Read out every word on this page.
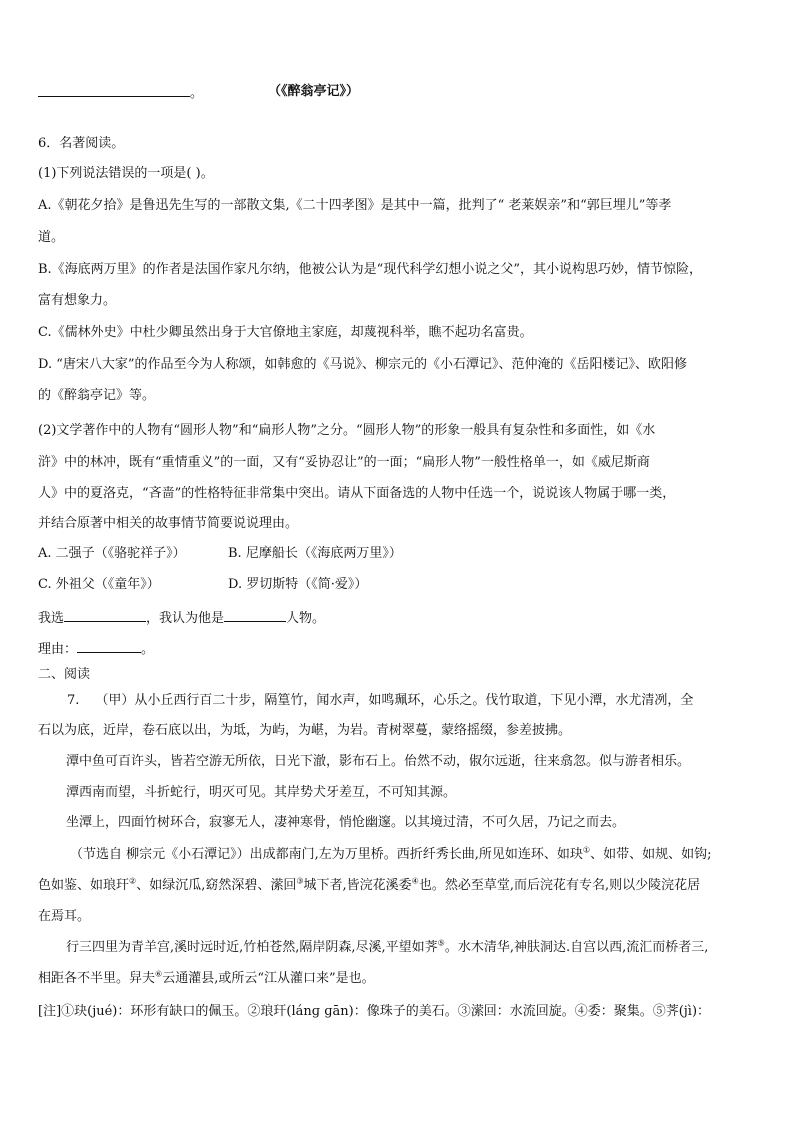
。	（《醉翁亭记》）
6．名著阅读。
(1)下列说法错误的一项是( )。
A.《朝花夕拾》是鲁迅先生写的一部散文集,《二十四孝图》是其中一篇，批判了“ 老莱娱亲”和“郭巨埋儿”等孝
道。
B.《海底两万里》的作者是法国作家凡尔纳，他被公认为是“现代科学幻想小说之父”，其小说构思巧妙，情节惊险，
富有想象力。
C.《儒林外史》中杜少卿虽然出身于大官僚地主家庭，却蔑视科举，瞧不起功名富贵。
D. “唐宋八大家”的作品至今为人称颂，如韩愈的《马说》、柳宗元的《小石潭记》、范仲淹的《岳阳楼记》、欧阳修
的《醉翁亭记》等。
(2)文学著作中的人物有“圆形人物”和“扁形人物”之分。“圆形人物”的形象一般具有复杂性和多面性，如《水
浒》中的林冲，既有“重情重义”的一面，又有“妥协忍让”的一面；“扁形人物”一般性格单一，如《威尼斯商
人》中的夏洛克，“吝啬”的性格特征非常集中突出。请从下面备选的人物中任选一个，说说该人物属于哪一类，
并结合原著中相关的故事情节简要说说理由。
A. 二强子（《骆驼祥子》）	B. 尼摩船长（《海底两万里》）
C. 外祖父（《童年》）	D. 罗切斯特（《简·爱》）
我选	，我认为他是	人物。
理由：	。
二、阅读
7. （甲）从小丘西行百二十步，隔篁竹，闻水声，如鸣珮环，心乐之。伐竹取道，下见小潭，水尤清冽，全
石以为底，近岸，卷石底以出，为坻，为屿，为嵁，为岩。青树翠蔓，蒙络摇缀，参差披拂。
潭中鱼可百许头，皆若空游无所依，日光下澈，影布石上。佁然不动，俶尔远逝，往来翕忽。似与游者相乐。
潭西南而望，斗折蛇行，明灭可见。其岸势犬牙差互，不可知其源。
坐潭上，四面竹树环合，寂寥无人，凄神寒骨，悄怆幽邃。以其境过清，不可久居，乃记之而去。
（节选自 柳宗元《小石潭记》）出成都南门,左为万里桥。西折纤秀长曲,所见如连环、如玦①、如带、如规、如钩;
色如鉴、如琅玕②、如绿沉瓜,窈然深碧、潆回③城下者,皆浣花溪委④也。然必至草堂,而后浣花有专名,则以少陵浣花居
在焉耳。
行三四里为青羊宫,溪时远时近,竹柏苍然,隔岸阴森,尽溪,平望如荠⑤。水木清华,神肤洞达.自宫以西,流汇而桥者三,
相距各不半里。舁夫⑥云通灌县,或所云“江从灌口来”是也。
[注]①玦(jué)：环形有缺口的佩玉。②琅玕(lánɡ ɡān)：像珠子的美石。③潆回：水流回旋。④委：聚集。⑤荠(jì)：
